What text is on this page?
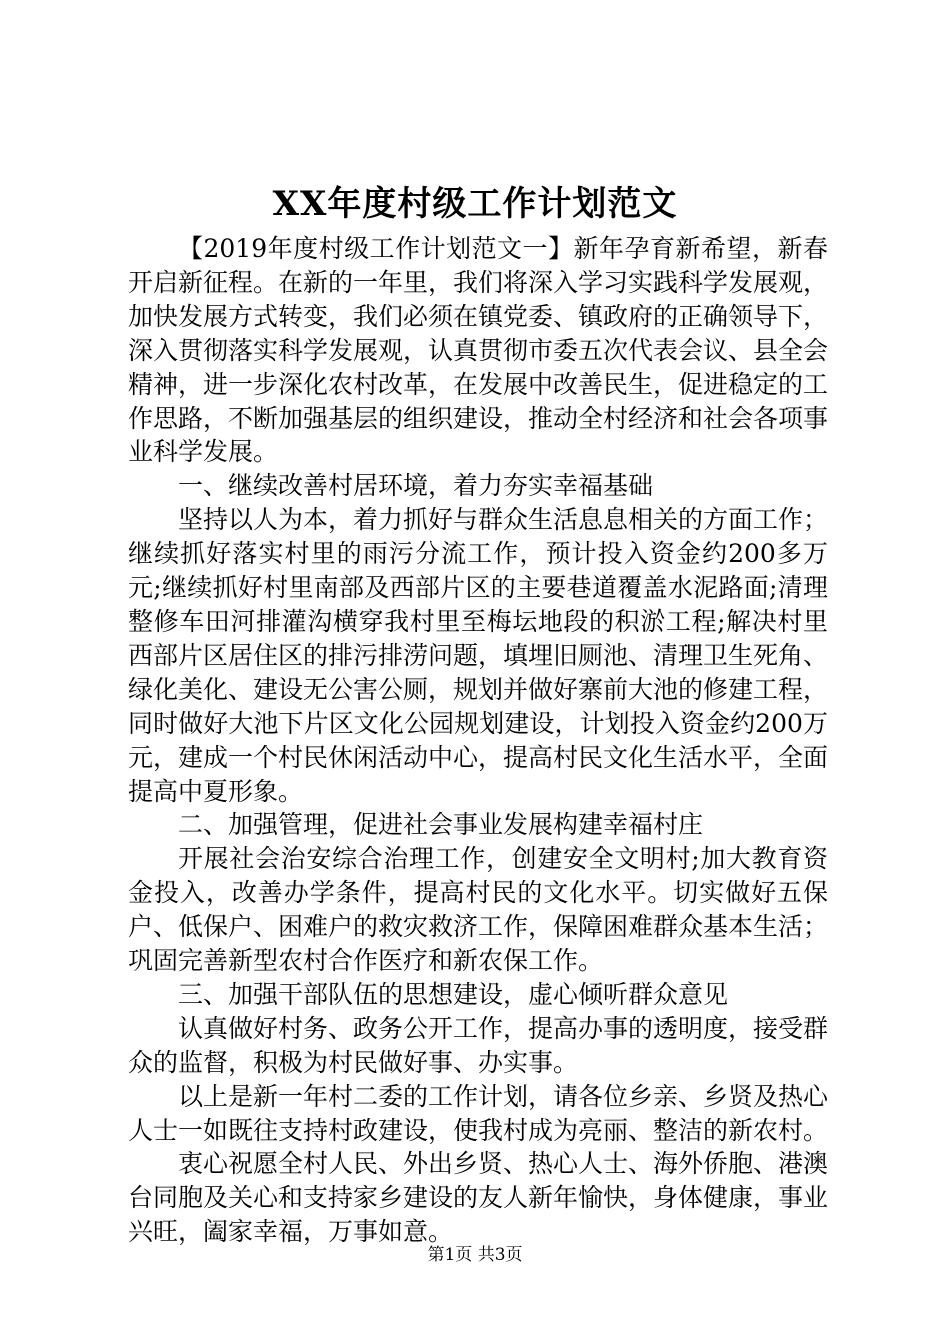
XX年度村级工作计划范文

【2019年度村级工作计划范文一】新年孕育新希望，新春开启新征程。在新的一年里，我们将深入学习实践科学发展观，加快发展方式转变，我们必须在镇党委、镇政府的正确领导下，深入贯彻落实科学发展观，认真贯彻市委五次代表会议、县全会精神，进一步深化农村改革，在发展中改善民生，促进稳定的工作思路，不断加强基层的组织建设，推动全村经济和社会各项事业科学发展。

一、继续改善村居环境，着力夯实幸福基础

坚持以人为本，着力抓好与群众生活息息相关的方面工作；继续抓好落实村里的雨污分流工作，预计投入资金约200多万元;继续抓好村里南部及西部片区的主要巷道覆盖水泥路面;清理整修车田河排灌沟横穿我村里至梅坛地段的积淤工程;解决村里西部片区居住区的排污排涝问题，填埋旧厕池、清理卫生死角、绿化美化、建设无公害公厕，规划并做好寨前大池的修建工程，同时做好大池下片区文化公园规划建设，计划投入资金约200万元，建成一个村民休闲活动中心，提高村民文化生活水平，全面提高中夏形象。

二、加强管理，促进社会事业发展构建幸福村庄

开展社会治安综合治理工作，创建安全文明村;加大教育资金投入，改善办学条件，提高村民的文化水平。切实做好五保户、低保户、困难户的救灾救济工作，保障困难群众基本生活；巩固完善新型农村合作医疗和新农保工作。

三、加强干部队伍的思想建设，虚心倾听群众意见

认真做好村务、政务公开工作，提高办事的透明度，接受群众的监督，积极为村民做好事、办实事。

以上是新一年村二委的工作计划，请各位乡亲、乡贤及热心人士一如既往支持村政建设，使我村成为亮丽、整洁的新农村。

衷心祝愿全村人民、外出乡贤、热心人士、海外侨胞、港澳台同胞及关心和支持家乡建设的友人新年愉快，身体健康，事业兴旺，阖家幸福，万事如意。

第1页 共3页
